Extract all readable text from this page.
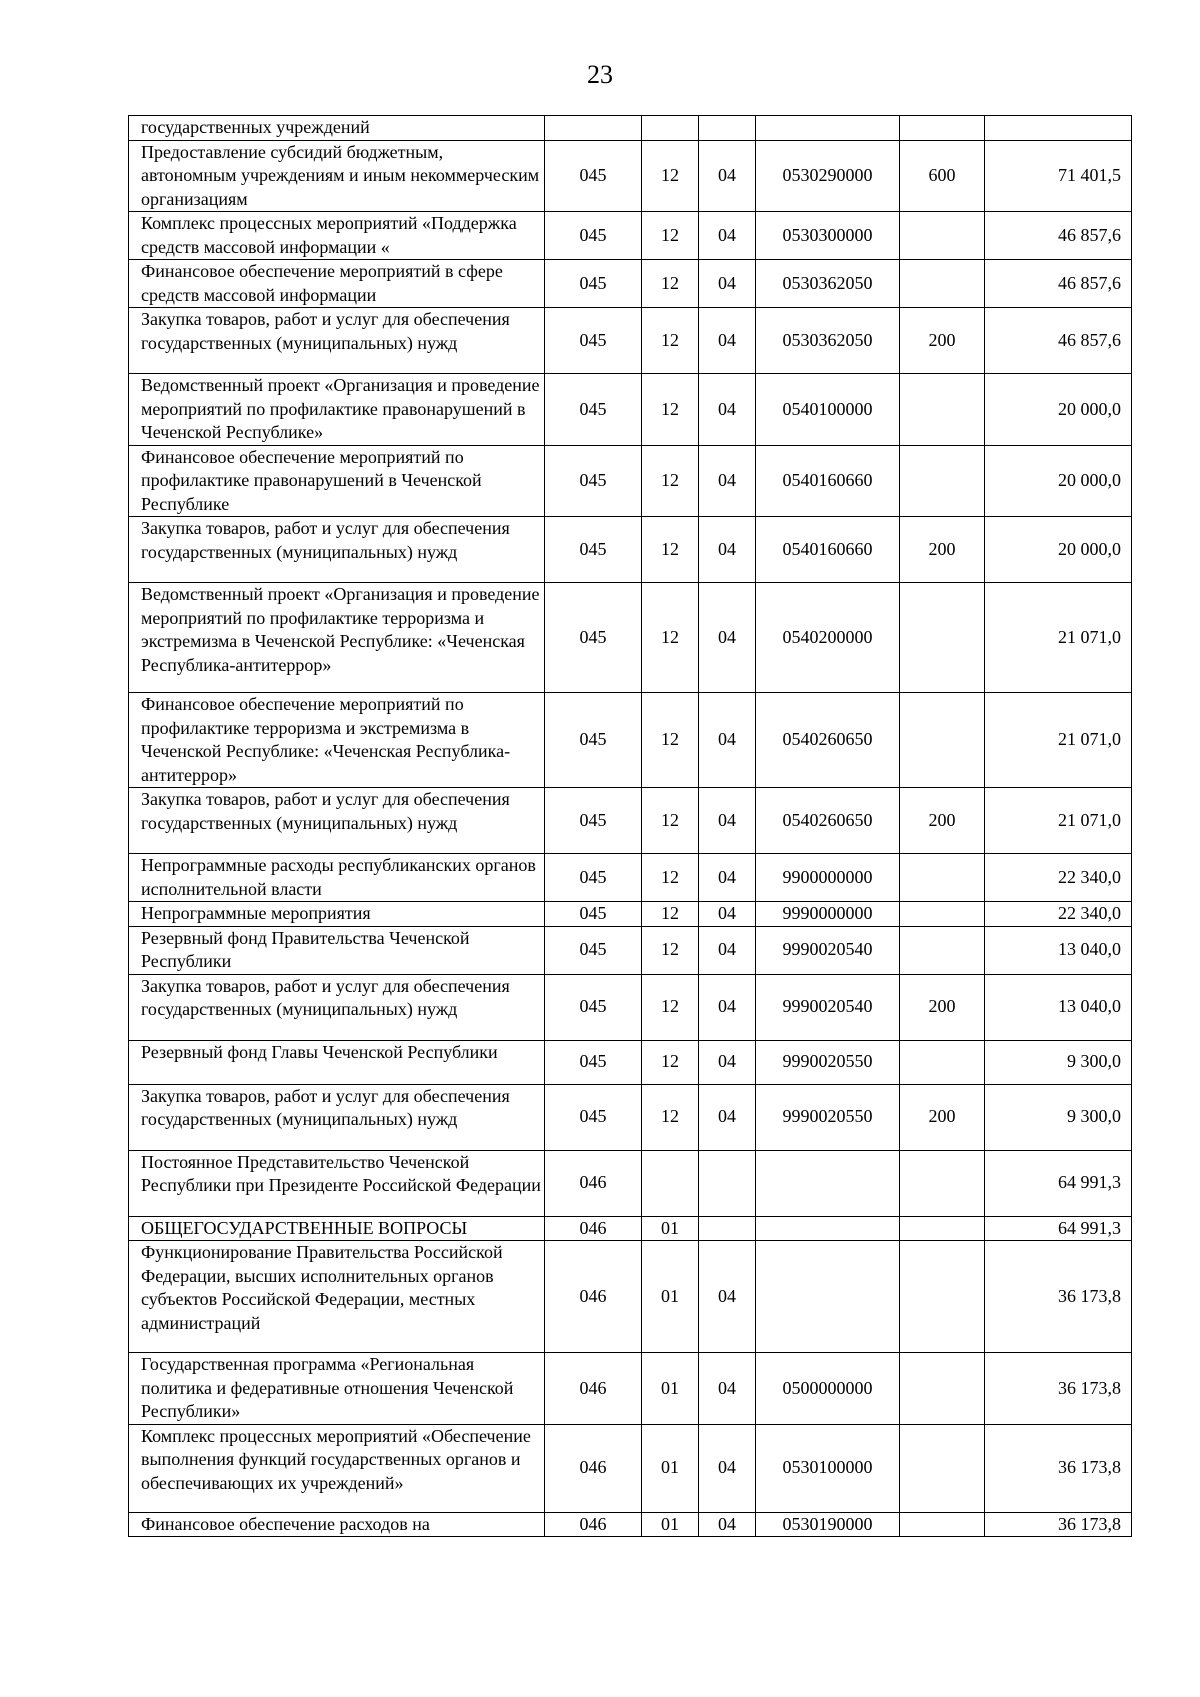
23
государственных учреждений						
Предоставление субсидий бюджетным, автономным учреждениям и иным некоммерческим организациям	045	12	04	0530290000	600	71 401,5
Комплекс процессных мероприятий «Поддержка средств массовой информации «	045	12	04	0530300000		46 857,6
Финансовое обеспечение мероприятий в сфере средств массовой информации	045	12	04	0530362050		46 857,6
Закупка товаров, работ и услуг для обеспечения государственных (муниципальных) нужд	045	12	04	0530362050	200	46 857,6
Ведомственный проект «Организация и проведение мероприятий по профилактике правонарушений в Чеченской Республике»	045	12	04	0540100000		20 000,0
Финансовое обеспечение мероприятий по профилактике правонарушений в Чеченской Республике	045	12	04	0540160660		20 000,0
Закупка товаров, работ и услуг для обеспечения государственных (муниципальных) нужд	045	12	04	0540160660	200	20 000,0
Ведомственный проект «Организация и проведение мероприятий по профилактике терроризма и экстремизма в Чеченской Республике: «Чеченская Республика-антитеррор»	045	12	04	0540200000		21 071,0
Финансовое обеспечение мероприятий по профилактике терроризма и экстремизма в Чеченской Республике: «Чеченская Республика-антитеррор»	045	12	04	0540260650		21 071,0
Закупка товаров, работ и услуг для обеспечения государственных (муниципальных) нужд	045	12	04	0540260650	200	21 071,0
Непрограммные расходы республиканских органов исполнительной власти	045	12	04	9900000000		22 340,0
Непрограммные мероприятия	045	12	04	9990000000		22 340,0
Резервный фонд Правительства Чеченской Республики	045	12	04	9990020540		13 040,0
Закупка товаров, работ и услуг для обеспечения государственных (муниципальных) нужд	045	12	04	9990020540	200	13 040,0
Резервный фонд Главы Чеченской Республики	045	12	04	9990020550		9 300,0
Закупка товаров, работ и услуг для обеспечения государственных (муниципальных) нужд	045	12	04	9990020550	200	9 300,0
Постоянное Представительство Чеченской Республики при Президенте Российской Федерации	046					64 991,3
ОБЩЕГОСУДАРСТВЕННЫЕ ВОПРОСЫ	046	01				64 991,3
Функционирование Правительства Российской Федерации, высших исполнительных органов субъектов Российской Федерации, местных администраций	046	01	04			36 173,8
Государственная программа «Региональная политика и федеративные отношения Чеченской Республики»	046	01	04	0500000000		36 173,8
Комплекс процессных мероприятий «Обеспечение выполнения функций государственных органов и обеспечивающих их учреждений»	046	01	04	0530100000		36 173,8
Финансовое обеспечение расходов на	046	01	04	0530190000		36 173,8
